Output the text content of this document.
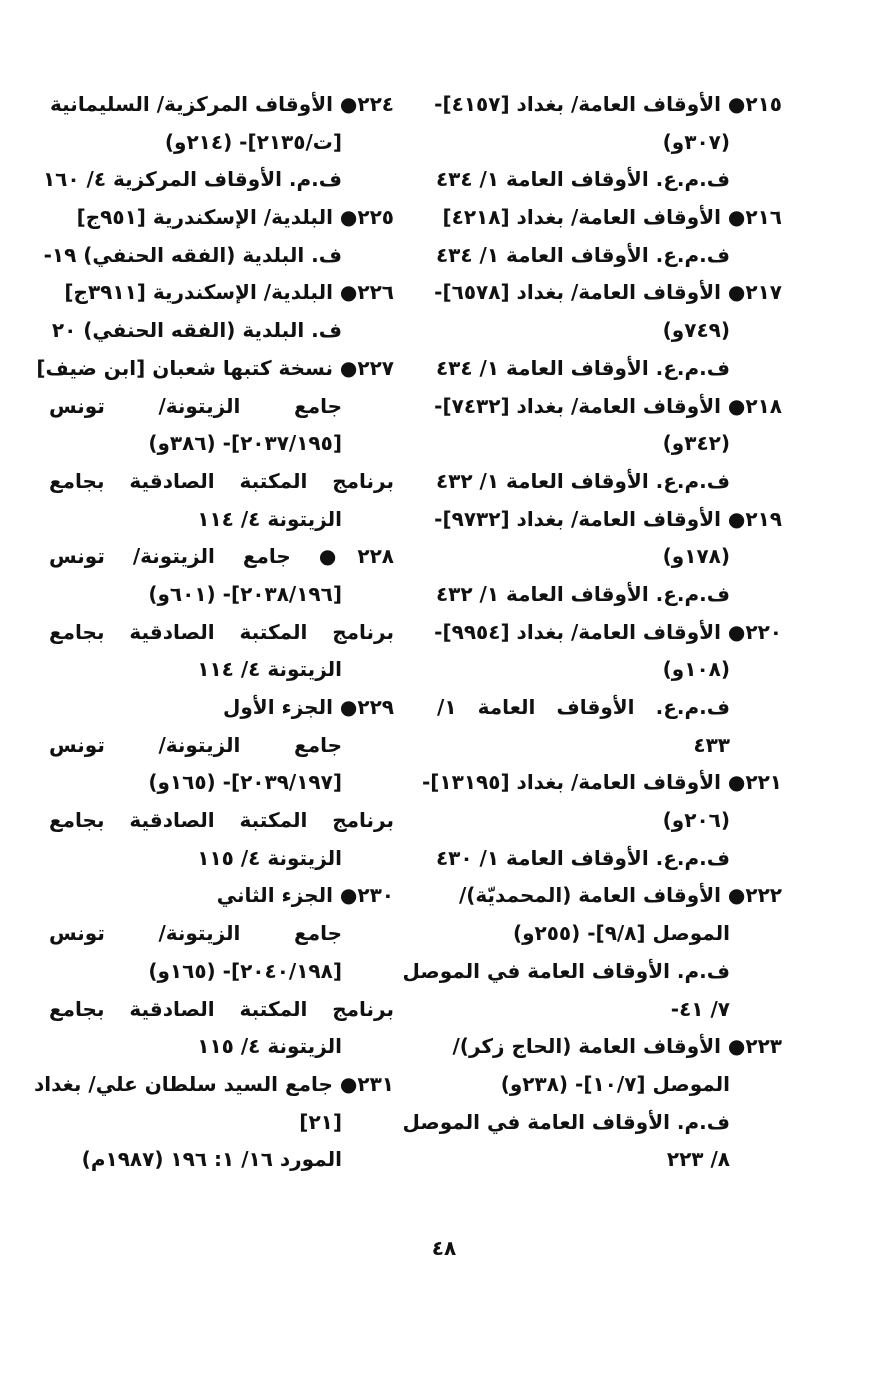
٢١٥● الأوقاف العامة/ بغداد [٤١٥٧]-
(٣٠٧و)
ف.م.ع. الأوقاف العامة ١/ ٤٣٤
٢١٦● الأوقاف العامة/ بغداد [٤٢١٨]
ف.م.ع. الأوقاف العامة ١/ ٤٣٤
٢١٧● الأوقاف العامة/ بغداد [٦٥٧٨]-
(٧٤٩و)
ف.م.ع. الأوقاف العامة ١/ ٤٣٤
٢١٨● الأوقاف العامة/ بغداد [٧٤٣٢]-
(٣٤٢و)
ف.م.ع. الأوقاف العامة ١/ ٤٣٢
٢١٩● الأوقاف العامة/ بغداد [٩٧٣٢]-
(١٧٨و)
ف.م.ع. الأوقاف العامة ١/ ٤٣٢
٢٢٠● الأوقاف العامة/ بغداد [٩٩٥٤]-
(١٠٨و)
ف.م.ع. الأوقاف العامة ١/
٤٣٣
٢٢١● الأوقاف العامة/ بغداد [١٣١٩٥]-
(٢٠٦و)
ف.م.ع. الأوقاف العامة ١/ ٤٣٠
٢٢٢● الأوقاف العامة (المحمديّة)/
الموصل [٩/٨]- (٢٥٥و)
ف.م. الأوقاف العامة في الموصل
٧/ ٤١-
٢٢٣● الأوقاف العامة (الحاج زكر)/
الموصل [١٠/٧]- (٢٣٨و)
ف.م. الأوقاف العامة في الموصل
٨/ ٢٢٣
٢٢٤● الأوقاف المركزية/ السليمانية
[ت/٢١٣٥]- (٢١٤و)
ف.م. الأوقاف المركزية ٤/ ١٦٠
٢٢٥● البلدية/ الإسكندرية [٩٥١ج]
ف. البلدية (الفقه الحنفي) ١٩-
٢٢٦● البلدية/ الإسكندرية [٣٩١١ج]
ف. البلدية (الفقه الحنفي) ٢٠
٢٢٧● نسخة كتبها شعبان [ابن ضيف]
جامع الزيتونة/ تونس
[٢٠٣٧/١٩٥]- (٣٨٦و)
برنامج المكتبة الصادقية بجامع
الزيتونة ٤/ ١١٤
٢٢٨● جامع الزيتونة/ تونس
[٢٠٣٨/١٩٦]- (٦٠١و)
برنامج المكتبة الصادقية بجامع
الزيتونة ٤/ ١١٤
٢٢٩● الجزء الأول
جامع الزيتونة/ تونس
[٢٠٣٩/١٩٧]- (١٦٥و)
برنامج المكتبة الصادقية بجامع
الزيتونة ٤/ ١١٥
٢٣٠● الجزء الثاني
جامع الزيتونة/ تونس
[٢٠٤٠/١٩٨]- (١٦٥و)
برنامج المكتبة الصادقية بجامع
الزيتونة ٤/ ١١٥
٢٣١● جامع السيد سلطان علي/ بغداد
[٢١]
المورد ١٦/ ١: ١٩٦ (١٩٨٧م)
٤٨
